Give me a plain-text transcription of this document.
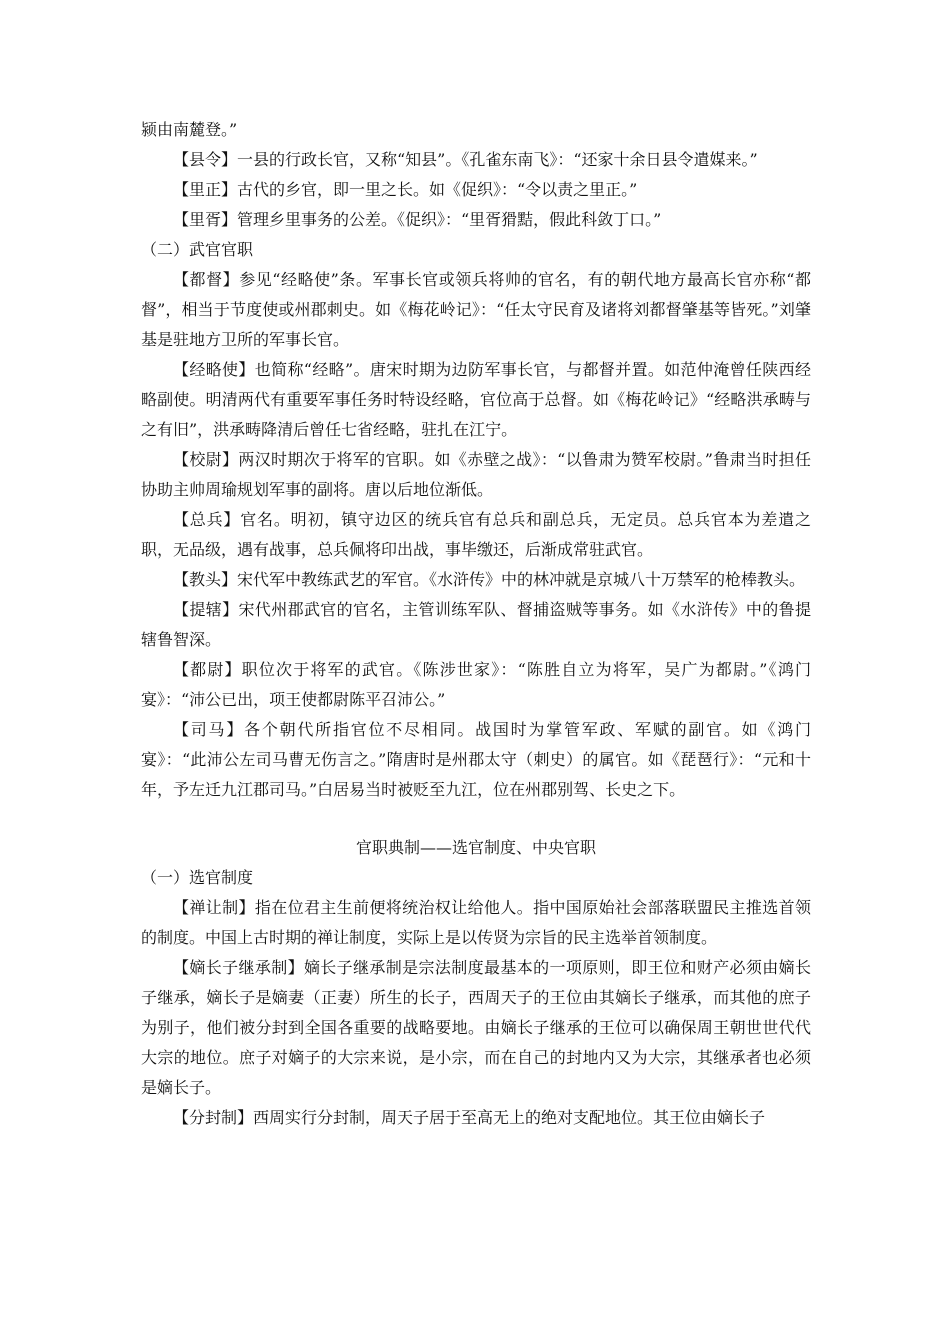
颍由南麓登。”

【县令】一县的行政长官，又称“知县”。《孔雀东南飞》：“还家十余日县令遣媒来。”

【里正】古代的乡官，即一里之长。如《促织》：“令以责之里正。”

【里胥】管理乡里事务的公差。《促织》：“里胥猾黠，假此科敛丁口。”

（二）武官官职

【都督】参见“经略使”条。军事长官或领兵将帅的官名，有的朝代地方最高长官亦称“都督”，相当于节度使或州郡刺史。如《梅花岭记》：“任太守民育及诸将刘都督肇基等皆死。”刘肇基是驻地方卫所的军事长官。

【经略使】也简称“经略”。唐宋时期为边防军事长官，与都督并置。如范仲淹曾任陕西经略副使。明清两代有重要军事任务时特设经略，官位高于总督。如《梅花岭记》“经略洪承畴与之有旧”，洪承畴降清后曾任七省经略，驻扎在江宁。

【校尉】两汉时期次于将军的官职。如《赤壁之战》：“以鲁肃为赞军校尉。”鲁肃当时担任协助主帅周瑜规划军事的副将。唐以后地位渐低。

【总兵】官名。明初，镇守边区的统兵官有总兵和副总兵，无定员。总兵官本为差遣之职，无品级，遇有战事，总兵佩将印出战，事毕缴还，后渐成常驻武官。

【教头】宋代军中教练武艺的军官。《水浒传》中的林冲就是京城八十万禁军的枪棒教头。

【提辖】宋代州郡武官的官名，主管训练军队、督捕盗贼等事务。如《水浒传》中的鲁提辖鲁智深。

【都尉】职位次于将军的武官。《陈涉世家》：“陈胜自立为将军，吴广为都尉。”《鸿门宴》：“沛公已出，项王使都尉陈平召沛公。”

【司马】各个朝代所指官位不尽相同。战国时为掌管军政、军赋的副官。如《鸿门宴》：“此沛公左司马曹无伤言之。”隋唐时是州郡太守（刺史）的属官。如《琵琶行》：“元和十年，予左迁九江郡司马。”白居易当时被贬至九江，位在州郡别驾、长史之下。

官职典制——选官制度、中央官职

（一）选官制度

【禅让制】指在位君主生前便将统治权让给他人。指中国原始社会部落联盟民主推选首领的制度。中国上古时期的禅让制度，实际上是以传贤为宗旨的民主选举首领制度。

【嫡长子继承制】嫡长子继承制是宗法制度最基本的一项原则，即王位和财产必须由嫡长子继承，嫡长子是嫡妻（正妻）所生的长子，西周天子的王位由其嫡长子继承，而其他的庶子为别子，他们被分封到全国各重要的战略要地。由嫡长子继承的王位可以确保周王朝世世代代大宗的地位。庶子对嫡子的大宗来说，是小宗，而在自己的封地内又为大宗，其继承者也必须是嫡长子。

【分封制】西周实行分封制，周天子居于至高无上的绝对支配地位。其王位由嫡长子
